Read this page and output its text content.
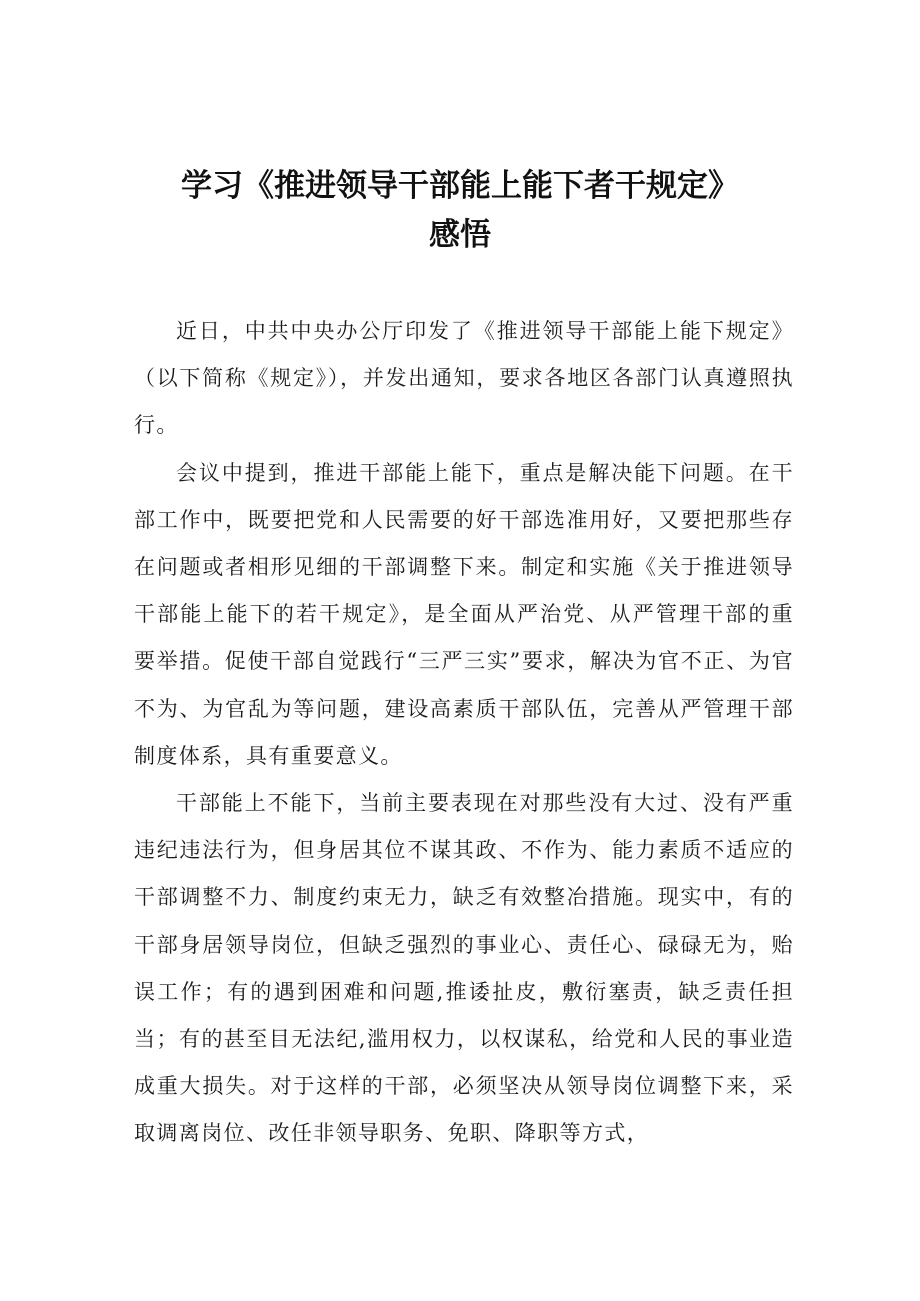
学习《推进领导干部能上能下者干规定》
感悟

近日，中共中央办公厅印发了《推进领导干部能上能下规定》（以下简称《规定》），并发出通知，要求各地区各部门认真遵照执行。

会议中提到，推进干部能上能下，重点是解决能下问题。在干部工作中，既要把党和人民需要的好干部选准用好，又要把那些存在问题或者相形见细的干部调整下来。制定和实施《关于推进领导干部能上能下的若干规定》，是全面从严治党、从严管理干部的重要举措。促使干部自觉践行“三严三实”要求，解决为官不正、为官不为、为官乱为等问题，建设高素质干部队伍，完善从严管理干部制度体系，具有重要意义。

干部能上不能下，当前主要表现在对那些没有大过、没有严重违纪违法行为，但身居其位不谋其政、不作为、能力素质不适应的干部调整不力、制度约束无力，缺乏有效整冶措施。现实中，有的干部身居领导岗位，但缺乏强烈的事业心、责任心、碌碌无为，贻误工作；有的遇到困难和问题,推诿扯皮，敷衍塞责，缺乏责任担当；有的甚至目无法纪,滥用权力，以权谋私，给党和人民的事业造成重大损失。对于这样的干部，必须坚决从领导岗位调整下来，采取调离岗位、改任非领导职务、免职、降职等方式，
